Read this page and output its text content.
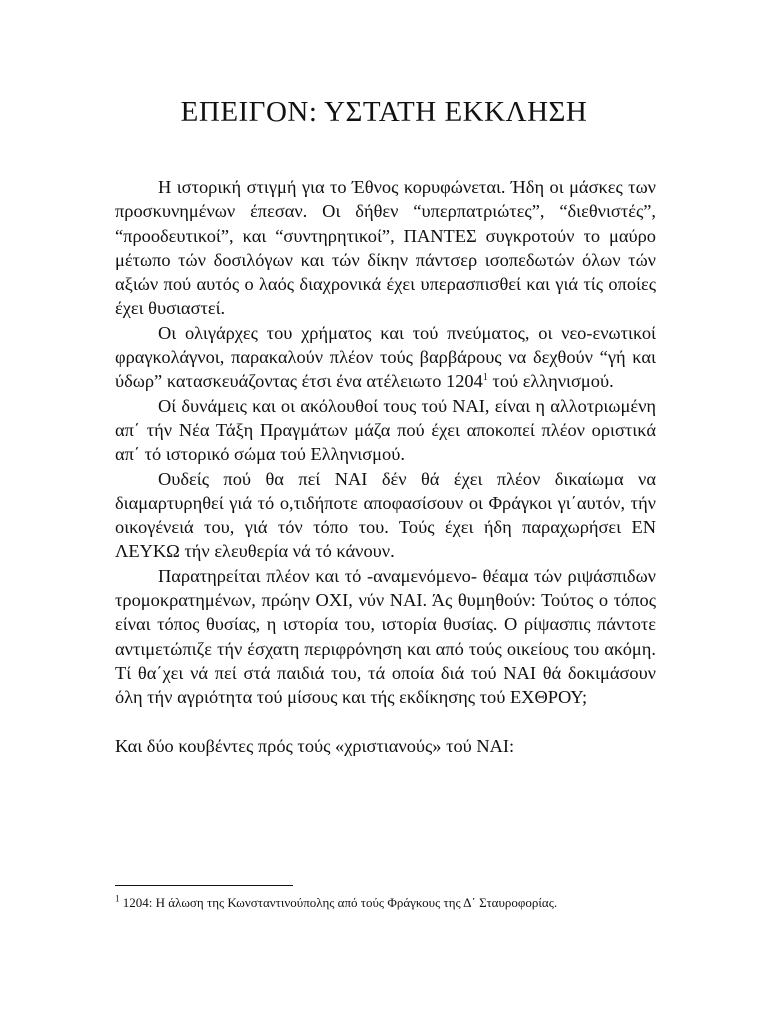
ΕΠΕΙΓΟΝ: ΥΣΤΑΤΗ ΕΚΚΛΗΣΗ

Η ιστορική στιγμή για το Έθνος κορυφώνεται. Ήδη οι μάσκες των προσκυνημένων έπεσαν. Οι δήθεν “υπερπατριώτες”, “διεθνιστές”, “προοδευτικοί”, και “συντηρητικοί”, ΠΑΝΤΕΣ συγκροτούν το μαύρο μέτωπο τών δοσιλόγων και τών δίκην πάντσερ ισοπεδωτών όλων τών αξιών πού αυτός ο λαός διαχρονικά έχει υπερασπισθεί και γιά τίς οποίες έχει θυσιαστεί.

Οι ολιγάρχες του χρήματος και τού πνεύματος, οι νεο-ενωτικοί φραγκολάγνοι, παρακαλούν πλέον τούς βαρβάρους να δεχθούν “γή και ύδωρ” κατασκευάζοντας έτσι ένα ατέλειωτο 1204$^1$ τού ελληνισμού.

Οί δυνάμεις και οι ακόλουθοί τους τού ΝΑΙ, είναι η αλλοτριωμένη απ΄ τήν Νέα Τάξη Πραγμάτων μάζα πού έχει αποκοπεί πλέον οριστικά απ΄ τό ιστορικό σώμα τού Ελληνισμού.

Ουδείς πού θα πεί ΝΑΙ δέν θά έχει πλέον δικαίωμα να διαμαρτυρηθεί γιά τό ο,τιδήποτε αποφασίσουν οι Φράγκοι γι΄αυτόν, τήν οικογένειά του, γιά τόν τόπο του. Τούς έχει ήδη παραχωρήσει ΕΝ ΛΕΥΚΩ τήν ελευθερία νά τό κάνουν.

Παρατηρείται πλέον και τό -αναμενόμενο- θέαμα τών ριψάσπιδων τρομοκρατημένων, πρώην ΟΧΙ, νύν ΝΑΙ. Άς θυμηθούν: Τούτος ο τόπος είναι τόπος θυσίας, η ιστορία του, ιστορία θυσίας. Ο ρίψασπις πάντοτε αντιμετώπιζε τήν έσχατη περιφρόνηση και από τούς οικείους του ακόμη. Τί θα΄χει νά πεί στά παιδιά του, τά οποία διά τού ΝΑΙ θά δοκιμάσουν όλη τήν αγριότητα τού μίσους και τής εκδίκησης τού ΕΧΘΡΟΥ;

Και δύο κουβέντες πρός τούς «χριστιανούς» τού ΝΑΙ:

$^1$ 1204: Η άλωση της Κωνσταντινούπολης από τούς Φράγκους της Δ΄ Σταυροφορίας.
